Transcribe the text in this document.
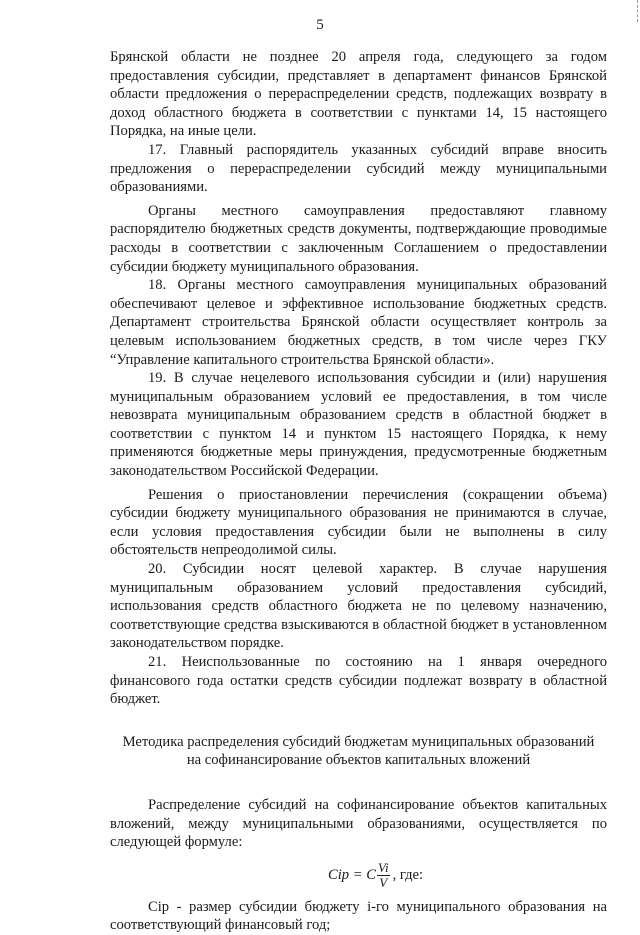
5

Брянской области не позднее 20 апреля года, следующего за годом предоставления субсидии, представляет в департамент финансов Брянской области предложения о перераспределении средств, подлежащих возврату в доход областного бюджета в соответствии с пунктами 14, 15 настоящего Порядка, на иные цели.

17. Главный распорядитель указанных субсидий вправе вносить предложения о перераспределении субсидий между муниципальными образованиями.

Органы местного самоуправления предоставляют главному распорядителю бюджетных средств документы, подтверждающие проводимые расходы в соответствии с заключенным Соглашением о предоставлении субсидии бюджету муниципального образования.

18. Органы местного самоуправления муниципальных образований обеспечивают целевое и эффективное использование бюджетных средств. Департамент строительства Брянской области осуществляет контроль за целевым использованием бюджетных средств, в том числе через ГКУ “Управление капитального строительства Брянской области».

19. В случае нецелевого использования субсидии и (или) нарушения муниципальным образованием условий ее предоставления, в том числе невозврата муниципальным образованием средств в областной бюджет в соответствии с пунктом 14 и пунктом 15 настоящего Порядка, к нему применяются бюджетные меры принуждения, предусмотренные бюджетным законодательством Российской Федерации.

Решения о приостановлении перечисления (сокращении объема) субсидии бюджету муниципального образования не принимаются в случае, если условия предоставления субсидии были не выполнены в силу обстоятельств непреодолимой силы.

20. Субсидии носят целевой характер. В случае нарушения муниципальным образованием условий предоставления субсидий, использования средств областного бюджета не по целевому назначению, соответствующие средства взыскиваются в областной бюджет в установленном законодательством порядке.

21. Неиспользованные по состоянию на 1 января очередного финансового года остатки средств субсидии подлежат возврату в областной бюджет.

Методика распределения субсидий бюджетам муниципальных образований
на софинансирование объектов капитальных вложений

Распределение субсидий на софинансирование объектов капитальных вложений, между муниципальными образованиями, осуществляется по следующей формуле:

Ciр = C $\frac{Vi}{V}$ , где:

Ciр - размер субсидии бюджету i-го муниципального образования на соответствующий финансовый год;
